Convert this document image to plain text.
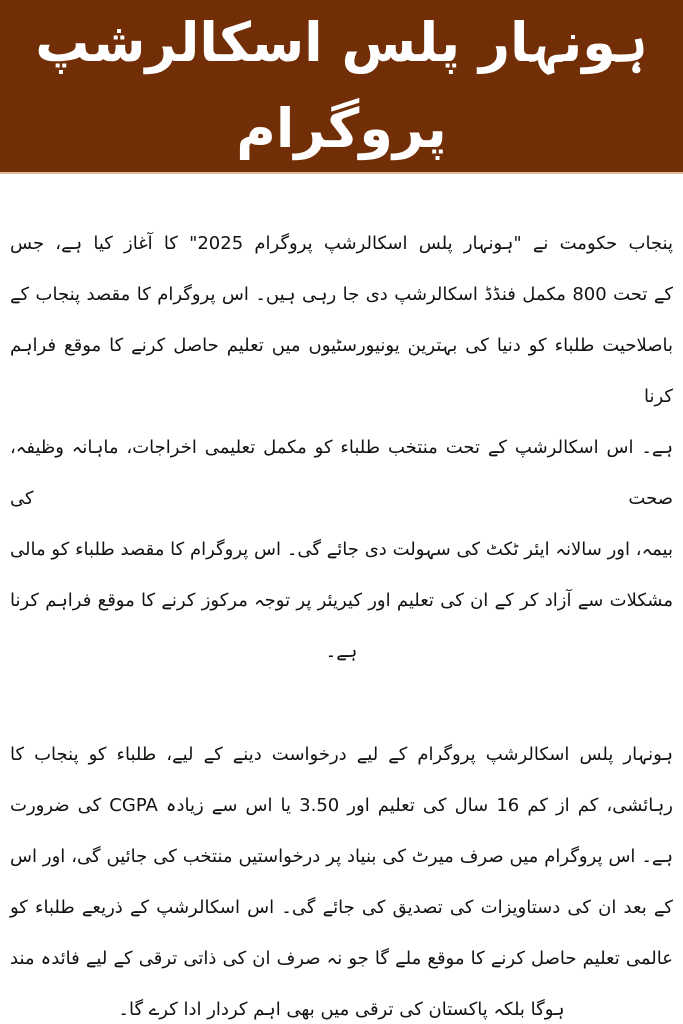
ہونہار پلس اسکالرشپ
پروگرام
پنجاب حکومت نے "ہونہار پلس اسکالرشپ پروگرام 2025" کا آغاز کیا ہے، جس
کے تحت 800 مکمل فنڈڈ اسکالرشپ دی جا رہی ہیں۔ اس پروگرام کا مقصد پنجاب کے
باصلاحیت طلباء کو دنیا کی بہترین یونیورسٹیوں میں تعلیم حاصل کرنے کا موقع فراہم کرنا
ہے۔ اس اسکالرشپ کے تحت منتخب طلباء کو مکمل تعلیمی اخراجات، ماہانہ وظیفہ، صحت کی
بیمہ، اور سالانہ ایئر ٹکٹ کی سہولت دی جائے گی۔ اس پروگرام کا مقصد طلباء کو مالی
مشکلات سے آزاد کر کے ان کی تعلیم اور کیریئر پر توجہ مرکوز کرنے کا موقع فراہم کرنا
ہے۔
ہونہار پلس اسکالرشپ پروگرام کے لیے درخواست دینے کے لیے، طلباء کو پنجاب کا
رہائشی، کم از کم 16 سال کی تعلیم اور 3.50 یا اس سے زیادہ CGPA کی ضرورت
ہے۔ اس پروگرام میں صرف میرٹ کی بنیاد پر درخواستیں منتخب کی جائیں گی، اور اس
کے بعد ان کی دستاویزات کی تصدیق کی جائے گی۔ اس اسکالرشپ کے ذریعے طلباء کو
عالمی تعلیم حاصل کرنے کا موقع ملے گا جو نہ صرف ان کی ذاتی ترقی کے لیے فائدہ مند
ہوگا بلکہ پاکستان کی ترقی میں بھی اہم کردار ادا کرے گا۔
